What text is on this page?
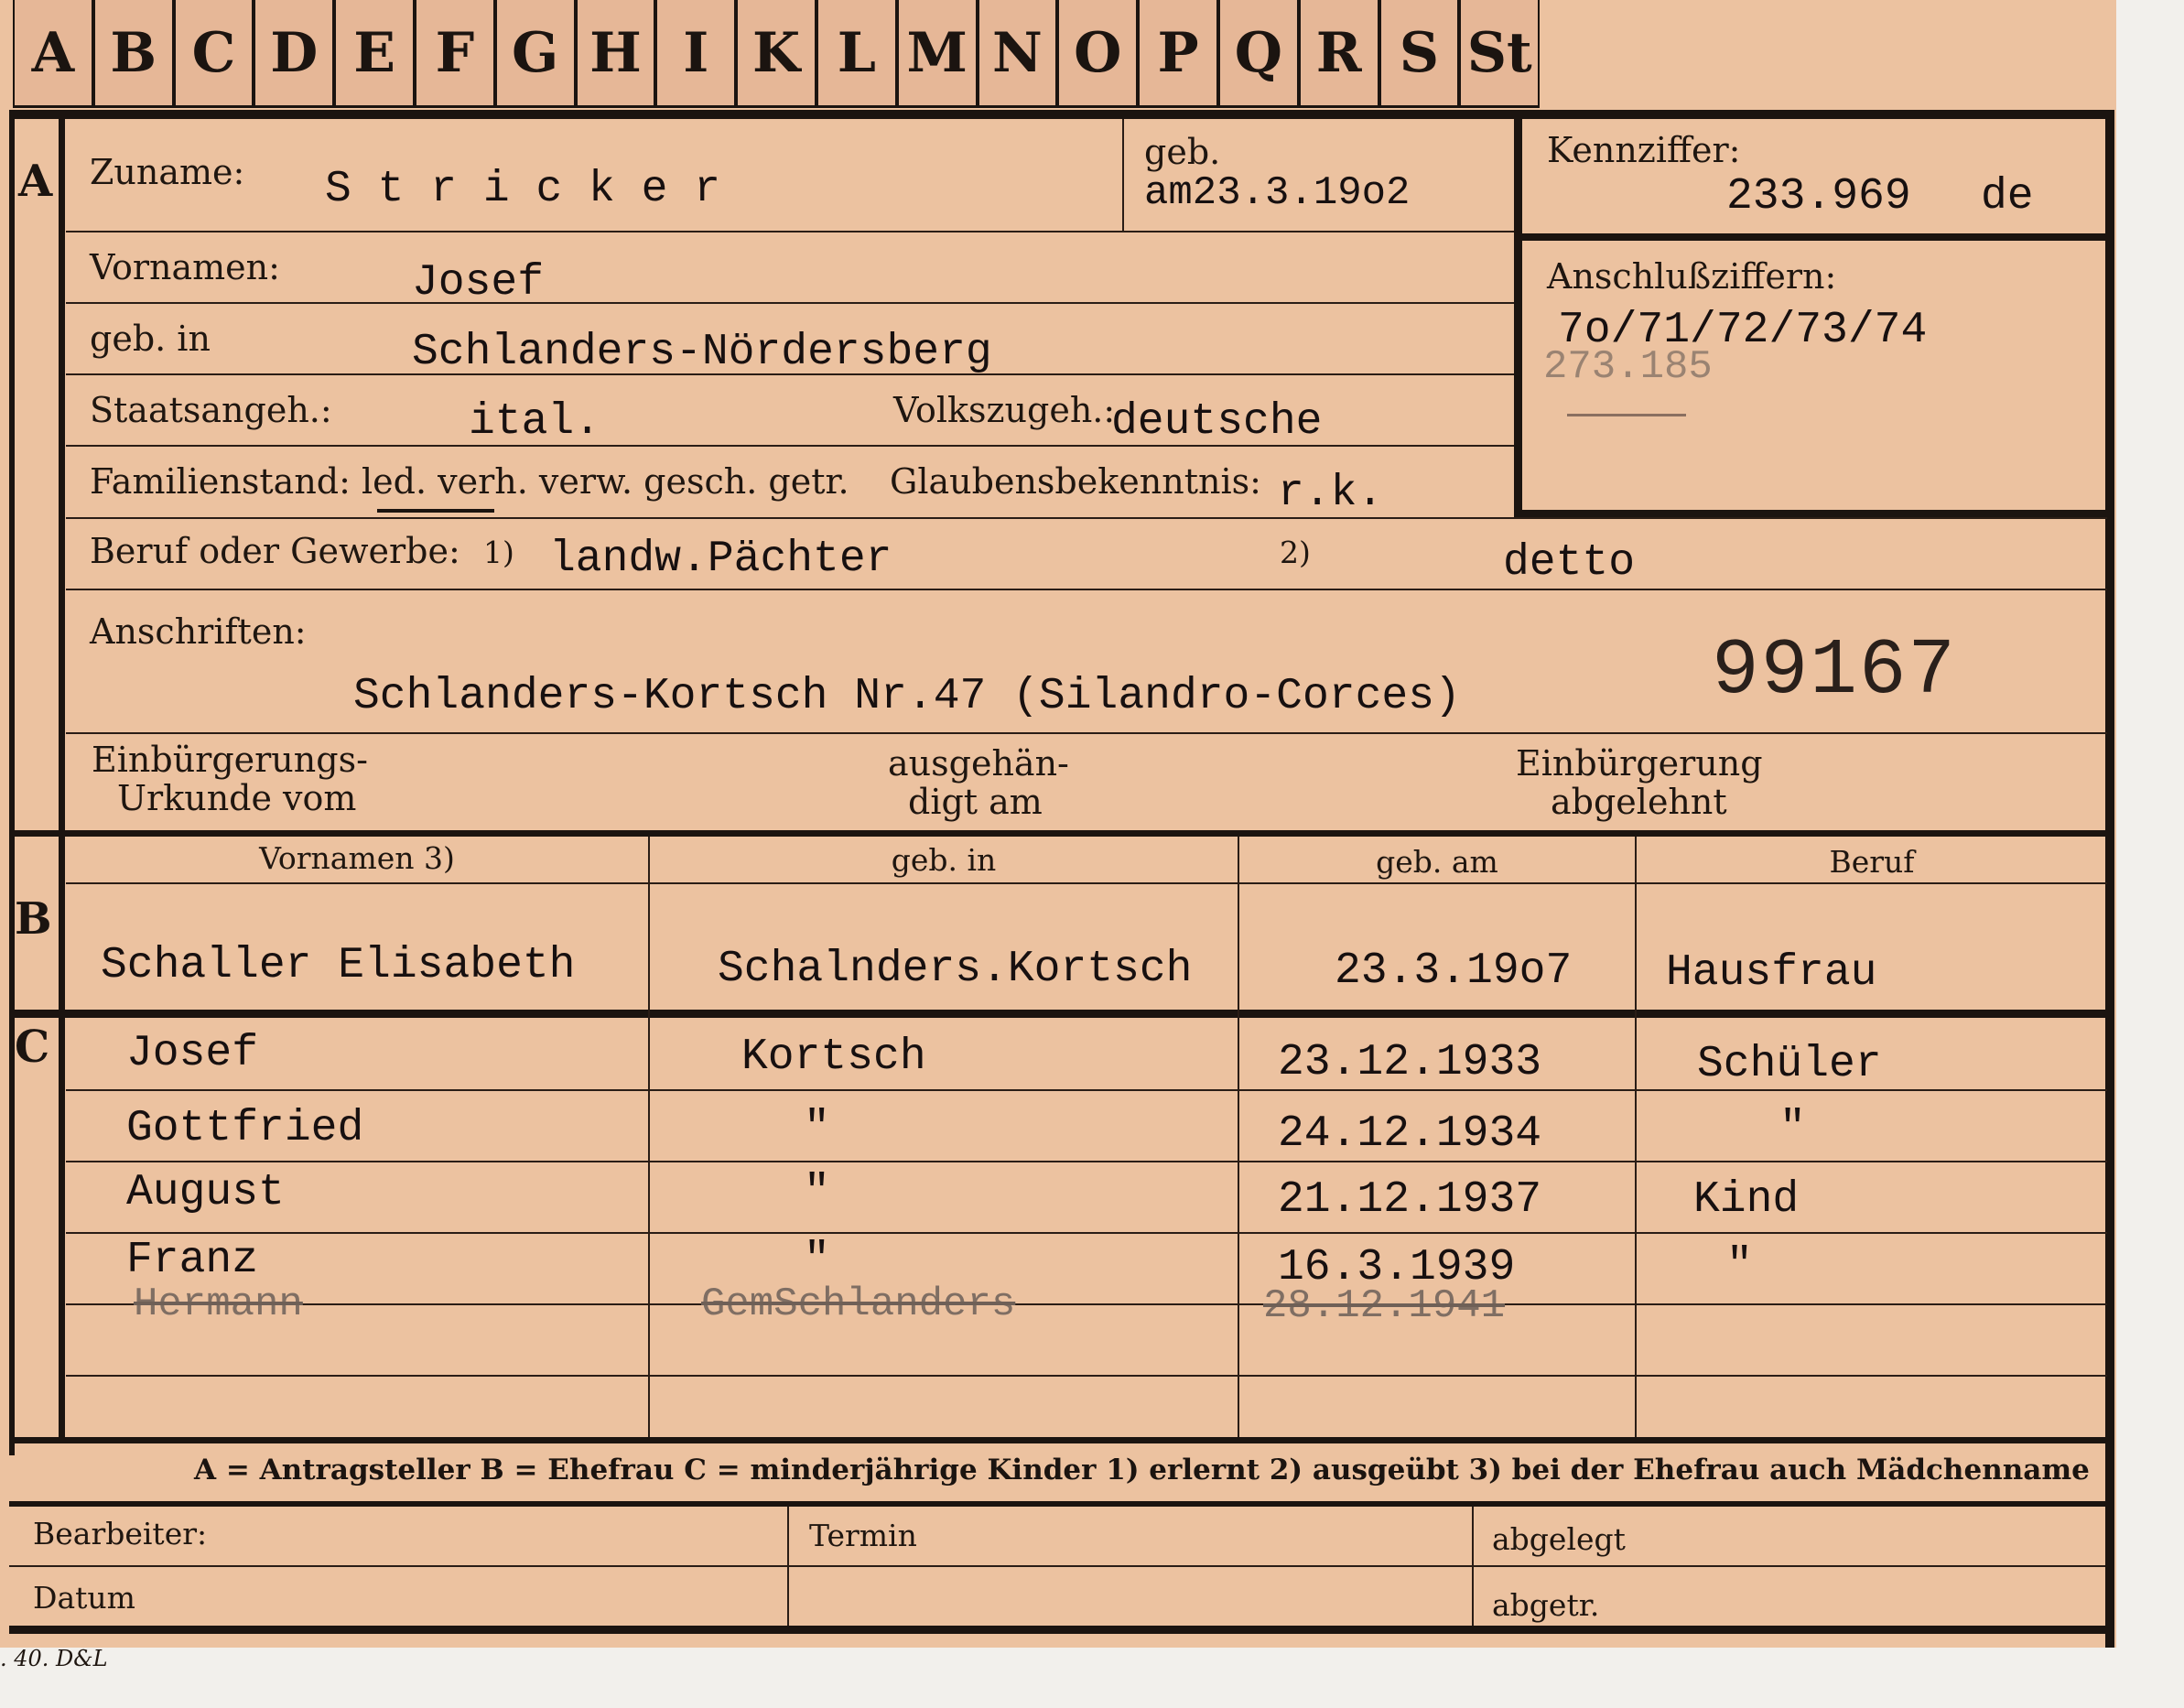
A B C D E F G H I K L M N O P Q R S St
A
B
C
Zuname: S t r i c k e r
geb.
am23.3.19o2
Kennziffer:
233.969 de
Anschlußziffern:
7o/71/72/73/74
273.185
Vornamen:	Josef
geb. in	Schlanders-Nördersberg
Staatsangeh.:	ital.	Volkszugeh.:
deutsche
Familienstand: led. verh. verw. gesch. getr. Glaubensbekenntnis: r.k.
Beruf oder Gewerbe: 1) landw.Pächter	2)	detto
Anschriften:
Schlanders-Kortsch Nr.47 (Silandro-Corces)	99167
Einbürgerungs-
Urkunde vom
ausgehän-
digt am
Einbürgerung
abgelehnt
Vornamen 3)	geb. in	geb. am	Beruf
Schaller Elisabeth	Schalnders.Kortsch	23.3.19o7 Hausfrau
Josef	Kortsch	23.12.1933	Schüler
Gottfried	"	24.12.1934	"
August	"	21.12.1937	Kind
Franz	"	16.3.1939	"
Hermann	GemSchlanders	28.12.1941
A = Antragsteller B = Ehefrau C = minderjährige Kinder 1) erlernt 2) ausgeübt 3) bei der Ehefrau auch Mädchenname
Bearbeiter:
Datum
Termin	abgelegt
abgetr.
. 40. D&L
